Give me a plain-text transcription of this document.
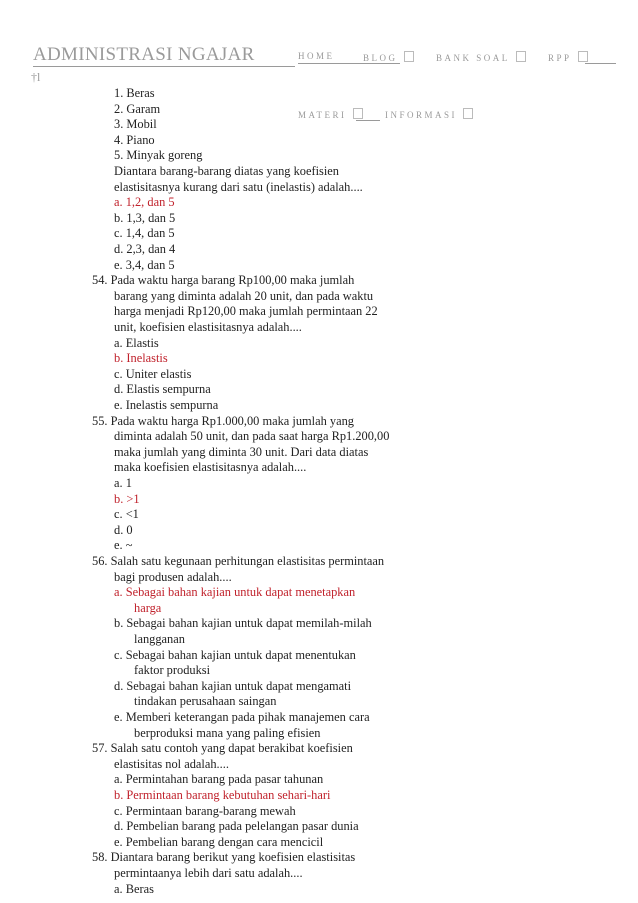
ADMINISTRASI NGAJAR
†l
HOME	BLOG	BANK SOAL	RPP
MATERI	INFORMASI
1. Beras
2. Garam
3. Mobil
4. Piano
5. Minyak goreng
Diantara barang-barang diatas yang koefisien
elastisitasnya kurang dari satu (inelastis) adalah....
a. 1,2, dan 5
b. 1,3, dan 5
c. 1,4, dan 5
d. 2,3, dan 4
e. 3,4, dan 5
54. Pada waktu harga barang Rp100,00 maka jumlah
barang yang diminta adalah 20 unit, dan pada waktu
harga menjadi Rp120,00 maka jumlah permintaan 22
unit, koefisien elastisitasnya adalah....
a. Elastis
b. Inelastis
c. Uniter elastis
d. Elastis sempurna
e. Inelastis sempurna
55. Pada waktu harga Rp1.000,00 maka jumlah yang
diminta adalah 50 unit, dan pada saat harga Rp1.200,00
maka jumlah yang diminta 30 unit. Dari data diatas
maka koefisien elastisitasnya adalah....
a. 1
b. >1
c. <1
d. 0
e. ~
56. Salah satu kegunaan perhitungan elastisitas permintaan
bagi produsen adalah....
a. Sebagai bahan kajian untuk dapat menetapkan
harga
b. Sebagai bahan kajian untuk dapat memilah-milah
langganan
c. Sebagai bahan kajian untuk dapat menentukan
faktor produksi
d. Sebagai bahan kajian untuk dapat mengamati
tindakan perusahaan saingan
e. Memberi keterangan pada pihak manajemen cara
berproduksi mana yang paling efisien
57. Salah satu contoh yang dapat berakibat koefisien
elastisitas nol adalah....
a. Permintahan barang pada pasar tahunan
b. Permintaan barang kebutuhan sehari-hari
c. Permintaan barang-barang mewah
d. Pembelian barang pada pelelangan pasar dunia
e. Pembelian barang dengan cara mencicil
58. Diantara barang berikut yang koefisien elastisitas
permintaanya lebih dari satu adalah....
a. Beras
